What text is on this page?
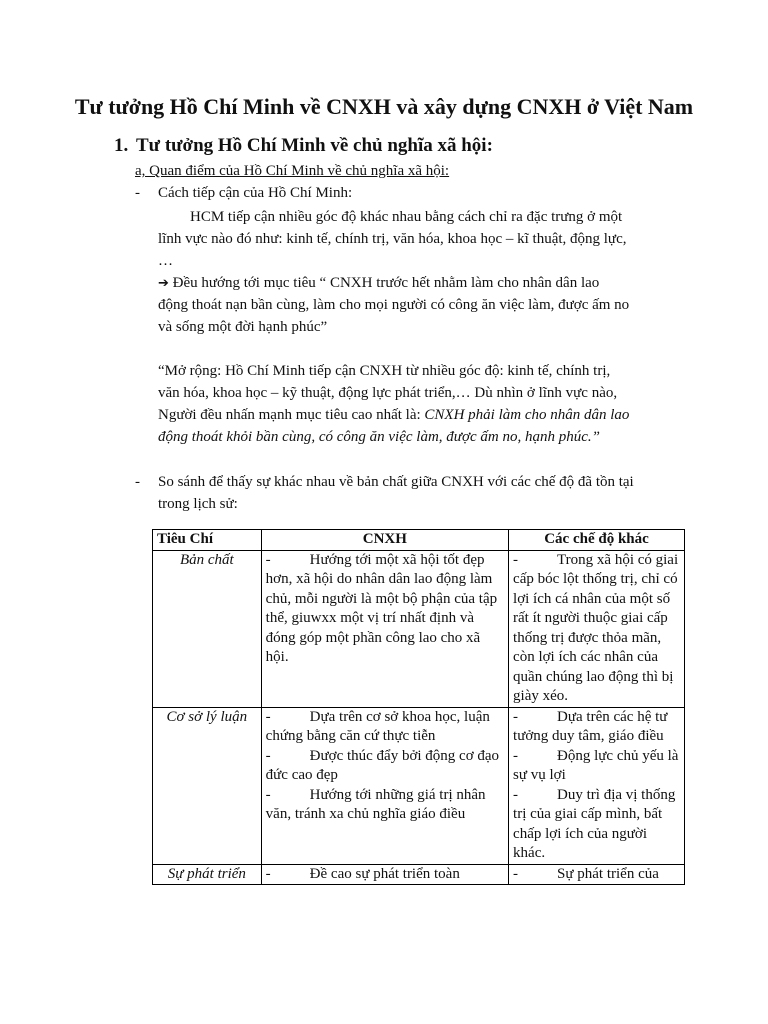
Tư tưởng Hồ Chí Minh về CNXH và xây dựng CNXH ở Việt Nam
1. Tư tưởng Hồ Chí Minh về chủ nghĩa xã hội:
a, Quan điểm của Hồ Chí Minh về chủ nghĩa xã hội:
- Cách tiếp cận của Hồ Chí Minh:
HCM tiếp cận nhiều góc độ khác nhau bằng cách chỉ ra đặc trưng ở một
lĩnh vực nào đó như: kinh tế, chính trị, văn hóa, khoa học – kĩ thuật, động lực,
…
➔ Đều hướng tới mục tiêu “ CNXH trước hết nhằm làm cho nhân dân lao
động thoát nạn bần cùng, làm cho mọi người có công ăn việc làm, được ấm no
và sống một đời hạnh phúc”
“Mở rộng: Hồ Chí Minh tiếp cận CNXH từ nhiều góc độ: kinh tế, chính trị,
văn hóa, khoa học – kỹ thuật, động lực phát triển,… Dù nhìn ở lĩnh vực nào,
Người đều nhấn mạnh mục tiêu cao nhất là: CNXH phải làm cho nhân dân lao
động thoát khỏi bần cùng, có công ăn việc làm, được ấm no, hạnh phúc.”
- So sánh để thấy sự khác nhau về bản chất giữa CNXH với các chế độ đã tồn tại
trong lịch sử:
Tiêu Chí	CNXH	Các chế độ khác
Bản chất	- Hướng tới một xã hội tốt đẹp hơn, xã hội do nhân dân lao động làm chủ, mỗi người là một bộ phận của tập thể, giuwxx một vị trí nhất định và đóng góp một phần công lao cho xã hội.	- Trong xã hội có giai cấp bóc lột thống trị, chỉ có lợi ích cá nhân của một số rất ít người thuộc giai cấp thống trị được thỏa mãn, còn lợi ích các nhân của quần chúng lao động thì bị giày xéo.

Cơ sở lý luận	- Dựa trên cơ sở khoa học, luận chứng bằng căn cứ thực tiễn
- Được thúc đẩy bởi động cơ đạo đức cao đẹp
- Hướng tới những giá trị nhân văn, tránh xa chủ nghĩa giáo điều	- Dựa trên các hệ tư tưởng duy tâm, giáo điều
- Động lực chủ yếu là sự vụ lợi
- Duy trì địa vị thống trị của giai cấp mình, bất chấp lợi ích của người khác.

Sự phát triển	- Đề cao sự phát triển toàn	- Sự phát triển của
